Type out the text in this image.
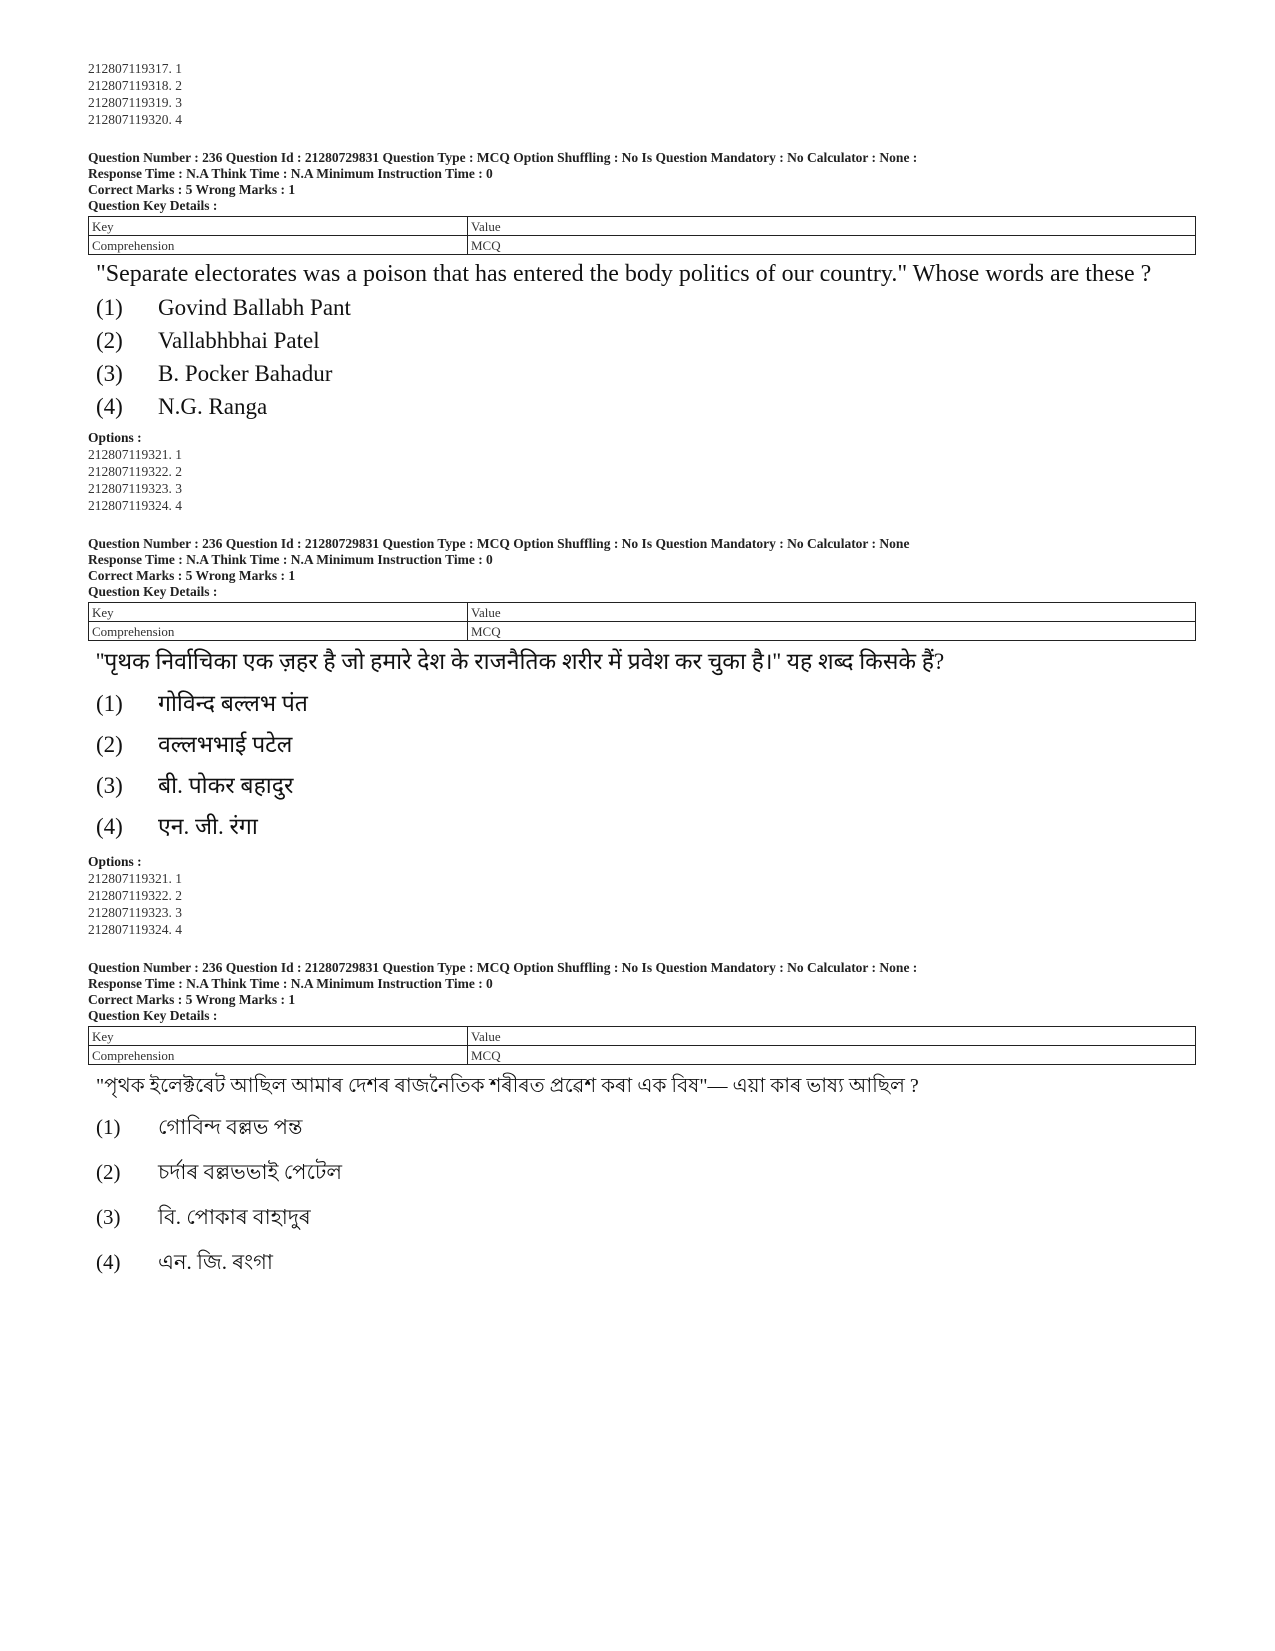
212807119317. 1
212807119318. 2
212807119319. 3
212807119320. 4
Question Number : 236 Question Id : 21280729831 Question Type : MCQ Option Shuffling : No Is Question Mandatory : No Calculator : None :
Response Time : N.A Think Time : N.A Minimum Instruction Time : 0
Correct Marks : 5 Wrong Marks : 1
Question Key Details :
Key	Value
Comprehension	MCQ
"Separate electorates was a poison that has entered the body politics of our country." Whose words are these ?
(1)	Govind Ballabh Pant
(2)	Vallabhbhai Patel
(3)	B. Pocker Bahadur
(4)	N.G. Ranga
Options :
212807119321. 1
212807119322. 2
212807119323. 3
212807119324. 4
Question Number : 236 Question Id : 21280729831 Question Type : MCQ Option Shuffling : No Is Question Mandatory : No Calculator : None
Response Time : N.A Think Time : N.A Minimum Instruction Time : 0
Correct Marks : 5 Wrong Marks : 1
Question Key Details :
Key	Value
Comprehension	MCQ
''पृथक निर्वाचिका एक ज़हर है जो हमारे देश के राजनैतिक शरीर में प्रवेश कर चुका है।'' यह शब्द किसके हैं?
(1)	गोविन्द बल्लभ पंत
(2)	वल्लभभाई पटेल
(3)	बी. पोकर बहादुर
(4)	एन. जी. रंगा
Options :
212807119321. 1
212807119322. 2
212807119323. 3
212807119324. 4
Question Number : 236 Question Id : 21280729831 Question Type : MCQ Option Shuffling : No Is Question Mandatory : No Calculator : None :
Response Time : N.A Think Time : N.A Minimum Instruction Time : 0
Correct Marks : 5 Wrong Marks : 1
Question Key Details :
Key	Value
Comprehension	MCQ
"পৃথক ইলেক্টৰেট আছিল আমাৰ দেশৰ ৰাজনৈতিক শৰীৰত প্ৰৱেশ কৰা এক বিষ"— এয়া কাৰ ভাষ্য আছিল ?
(1)	গোবিন্দ বল্লভ পন্ত
(2)	চৰ্দাৰ বল্লভভাই পেটেল
(3)	বি. পোকাৰ বাহাদুৰ
(4)	এন. জি. ৰংগা
